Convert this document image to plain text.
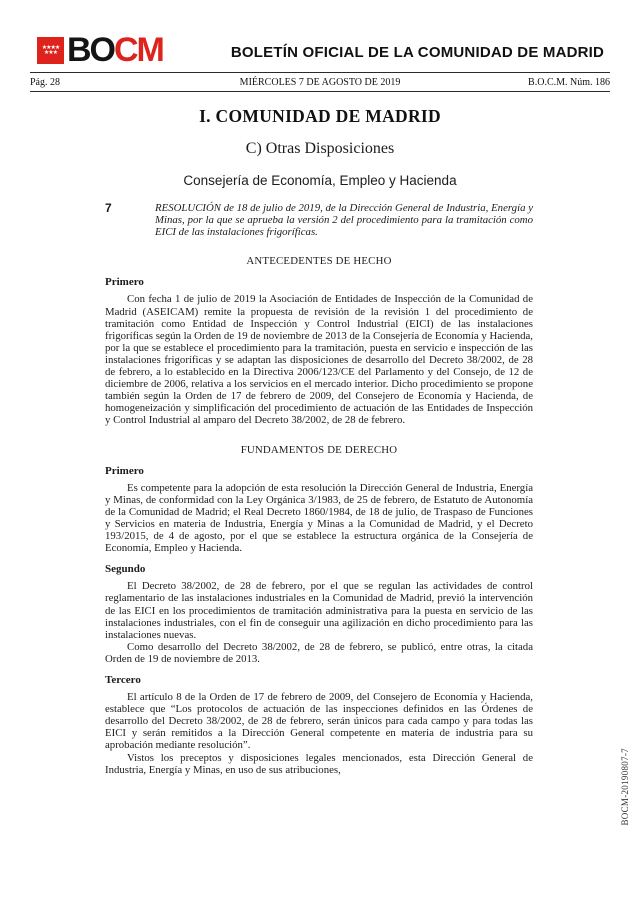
★★★★
★★★ BO CM	BOLETÍN OFICIAL DE LA COMUNIDAD DE MADRID
Pág. 28	MIÉRCOLES 7 DE AGOSTO DE 2019	B.O.C.M. Núm. 186
I. COMUNIDAD DE MADRID
C) Otras Disposiciones
Consejería de Economía, Empleo y Hacienda
7	RESOLUCIÓN de 18 de julio de 2019, de la Dirección General de Industria, Energía y Minas, por la que se aprueba la versión 2 del procedimiento para la tramitación como EICI de las instalaciones frigoríficas.
ANTECEDENTES DE HECHO
Primero

Con fecha 1 de julio de 2019 la Asociación de Entidades de Inspección de la Comunidad de Madrid (ASEICAM) remite la propuesta de revisión de la revisión 1 del procedimiento de tramitación como Entidad de Inspección y Control Industrial (EICI) de las instalaciones frigoríficas según la Orden de 19 de noviembre de 2013 de la Consejería de Economía y Hacienda, por la que se establece el procedimiento para la tramitación, puesta en servicio e inspección de las instalaciones frigoríficas y se adaptan las disposiciones de desarrollo del Decreto 38/2002, de 28 de febrero, a lo establecido en la Directiva 2006/123/CE del Parlamento y del Consejo, de 12 de diciembre de 2006, relativa a los servicios en el mercado interior. Dicho procedimiento se propone también según la Orden de 17 de febrero de 2009, del Consejero de Economía y Hacienda, de homogeneización y simplificación del procedimiento de actuación de las Entidades de Inspección y Control Industrial al amparo del Decreto 38/2002, de 28 de febrero.

FUNDAMENTOS DE DERECHO
Primero

Es competente para la adopción de esta resolución la Dirección General de Industria, Energía y Minas, de conformidad con la Ley Orgánica 3/1983, de 25 de febrero, de Estatuto de Autonomía de la Comunidad de Madrid; el Real Decreto 1860/1984, de 18 de julio, de Traspaso de Funciones y Servicios en materia de Industria, Energía y Minas a la Comunidad de Madrid, y el Decreto 193/2015, de 4 de agosto, por el que se establece la estructura orgánica de la Consejería de Economía, Empleo y Hacienda.

Segundo

El Decreto 38/2002, de 28 de febrero, por el que se regulan las actividades de control reglamentario de las instalaciones industriales en la Comunidad de Madrid, previó la intervención de las EICI en los procedimientos de tramitación administrativa para la puesta en servicio de las instalaciones industriales, con el fin de conseguir una agilización en dicho procedimiento para las instalaciones nuevas.

Como desarrollo del Decreto 38/2002, de 28 de febrero, se publicó, entre otras, la citada Orden de 19 de noviembre de 2013.

Tercero

El artículo 8 de la Orden de 17 de febrero de 2009, del Consejero de Economía y Hacienda, establece que “Los protocolos de actuación de las inspecciones definidos en las Órdenes de desarrollo del Decreto 38/2002, de 28 de febrero, serán únicos para cada campo y para todas las EICI y serán remitidos a la Dirección General competente en materia de industria para su aprobación mediante resolución”.

Vistos los preceptos y disposiciones legales mencionados, esta Dirección General de Industria, Energía y Minas, en uso de sus atribuciones,	BOCM-20190807-7
